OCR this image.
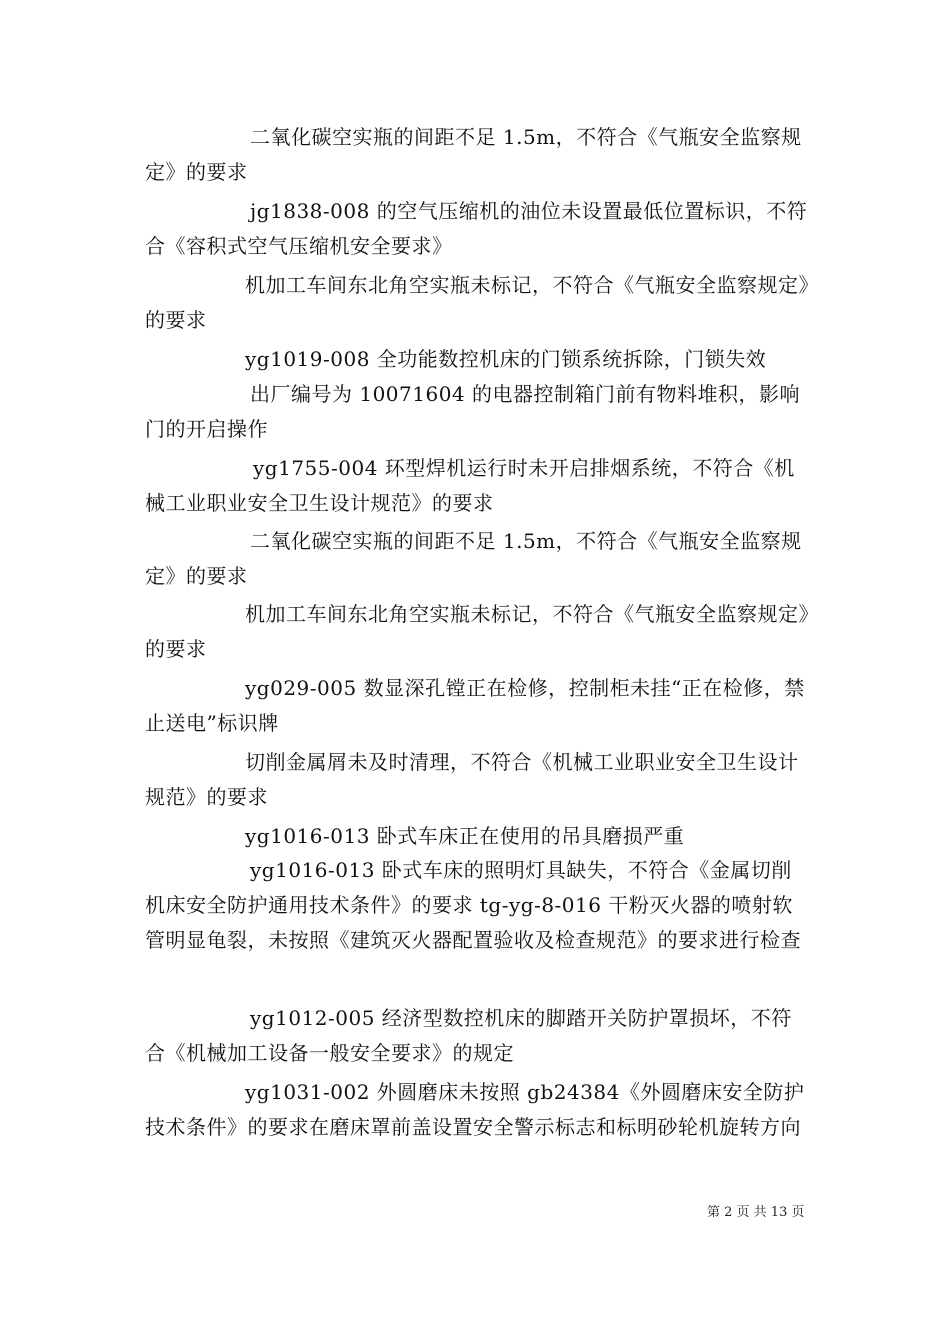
二氧化碳空实瓶的间距不足 1.5m，不符合《气瓶安全监察规定》的要求
jg1838-008 的空气压缩机的油位未设置最低位置标识，不符合《容积式空气压缩机安全要求》
机加工车间东北角空实瓶未标记，不符合《气瓶安全监察规定》的要求
yg1019-008 全功能数控机床的门锁系统拆除，门锁失效
出厂编号为 10071604 的电器控制箱门前有物料堆积，影响门的开启操作
yg1755-004 环型焊机运行时未开启排烟系统，不符合《机械工业职业安全卫生设计规范》的要求
二氧化碳空实瓶的间距不足 1.5m，不符合《气瓶安全监察规定》的要求
机加工车间东北角空实瓶未标记，不符合《气瓶安全监察规定》的要求
yg029-005 数显深孔镗正在检修，控制柜未挂“正在检修，禁止送电”标识牌
切削金属屑未及时清理，不符合《机械工业职业安全卫生设计规范》的要求
yg1016-013 卧式车床正在使用的吊具磨损严重
yg1016-013 卧式车床的照明灯具缺失，不符合《金属切削机床安全防护通用技术条件》的要求 tg-yg-8-016 干粉灭火器的喷射软管明显龟裂，未按照《建筑灭火器配置验收及检查规范》的要求进行检查
yg1012-005 经济型数控机床的脚踏开关防护罩损坏，不符合《机械加工设备一般安全要求》的规定
yg1031-002 外圆磨床未按照 gb24384《外圆磨床安全防护技术条件》的要求在磨床罩前盖设置安全警示标志和标明砂轮机旋转方向
第 2 页 共 13 页
